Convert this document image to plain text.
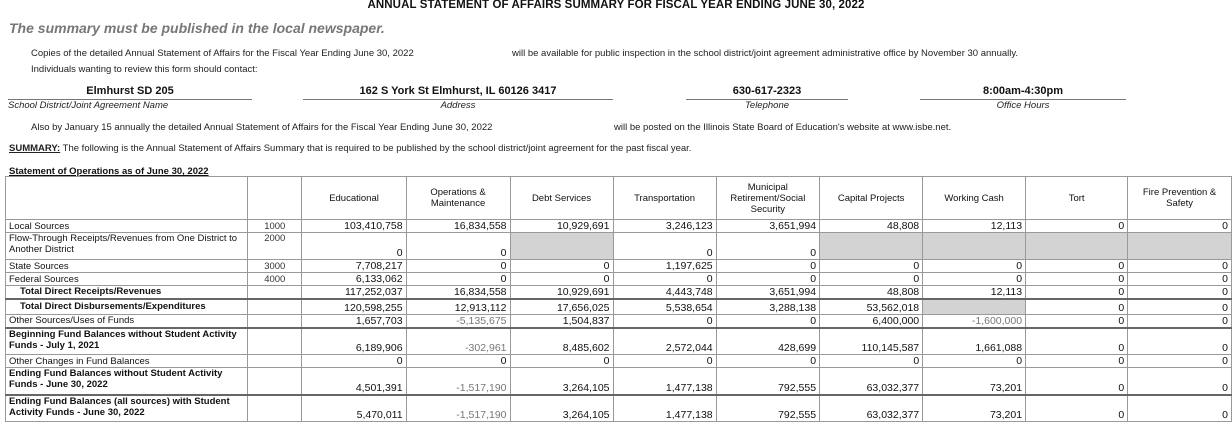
ANNUAL STATEMENT OF AFFAIRS SUMMARY FOR FISCAL YEAR ENDING JUNE 30, 2022
The summary must be published in the local newspaper.
Copies of the detailed Annual Statement of Affairs for the Fiscal Year Ending June 30, 2022	will be available for public inspection in the school district/joint agreement administrative office by November 30 annually.
Individuals wanting to review this form should contact:
Elmhurst SD 205
School District/Joint Agreement Name
162 S York St Elmhurst, IL 60126 3417
Address
630-617-2323
Telephone
8:00am-4:30pm
Office Hours
Also by January 15 annually the detailed Annual Statement of Affairs for the Fiscal Year Ending June 30, 2022	will be posted on the Illinois State Board of Education's website at www.isbe.net.
SUMMARY: The following is the Annual Statement of Affairs Summary that is required to be published by the school district/joint agreement for the past fiscal year.
Statement of Operations as of June 30, 2022
		Educational	Operations & Maintenance	Debt Services	Transportation	Municipal Retirement/Social Security	Capital Projects	Working Cash	Tort	Fire Prevention & Safety
Local Sources	1000	103,410,758	16,834,558	10,929,691	3,246,123	3,651,994	48,808	12,113	0	0
Flow-Through Receipts/Revenues from One District to Another District	2000	0	0		0	0				
State Sources	3000	7,708,217	0	0	1,197,625	0	0	0	0	0
Federal Sources	4000	6,133,062	0	0	0	0	0	0	0	0
Total Direct Receipts/Revenues		117,252,037	16,834,558	10,929,691	4,443,748	3,651,994	48,808	12,113	0	0
Total Direct Disbursements/Expenditures		120,598,255	12,913,112	17,656,025	5,538,654	3,288,138	53,562,018		0	0
Other Sources/Uses of Funds		1,657,703	-5,135,675	1,504,837	0	0	6,400,000	-1,600,000	0	0
Beginning Fund Balances without Student Activity Funds - July 1, 2021		6,189,906	-302,961	8,485,602	2,572,044	428,699	110,145,587	1,661,088	0	0
Other Changes in Fund Balances		0	0	0	0	0	0	0	0	0
Ending Fund Balances without Student Activity Funds - June 30, 2022		4,501,391	-1,517,190	3,264,105	1,477,138	792,555	63,032,377	73,201	0	0
Ending Fund Balances (all sources) with Student Activity Funds - June 30, 2022		5,470,011	-1,517,190	3,264,105	1,477,138	792,555	63,032,377	73,201	0	0
